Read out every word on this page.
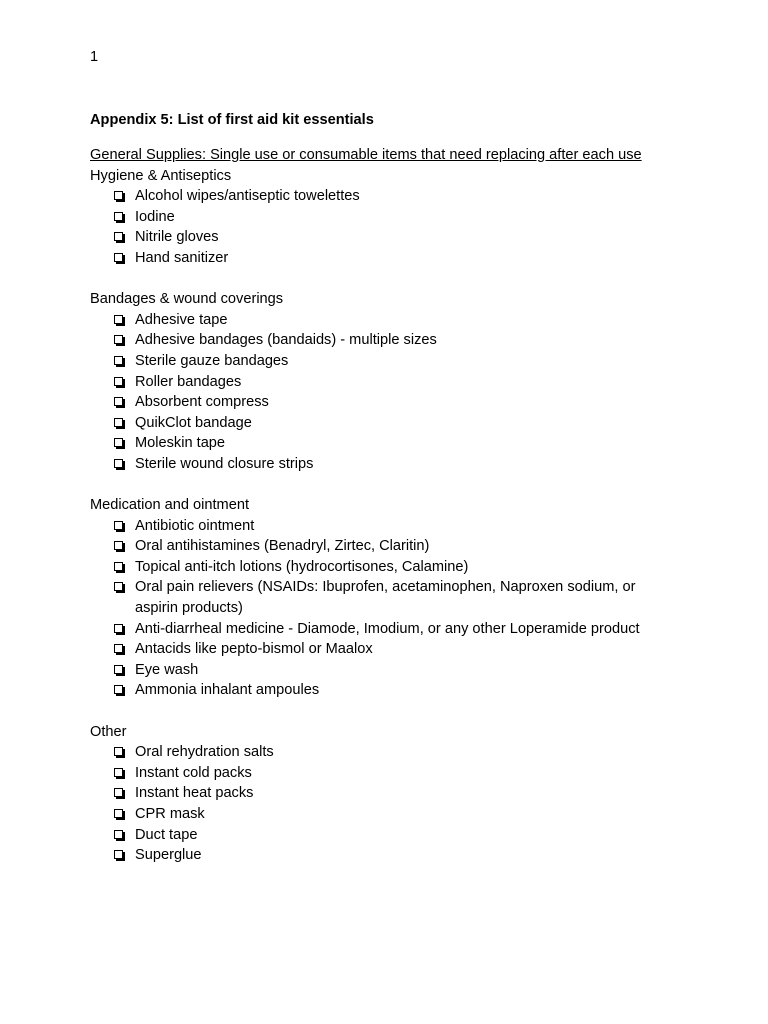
1
Appendix 5: List of first aid kit essentials
General Supplies: Single use or consumable items that need replacing after each use
Hygiene & Antiseptics
Alcohol wipes/antiseptic towelettes
Iodine
Nitrile gloves
Hand sanitizer
Bandages & wound coverings
Adhesive tape
Adhesive bandages (bandaids) - multiple sizes
Sterile gauze bandages
Roller bandages
Absorbent compress
QuikClot bandage
Moleskin tape
Sterile wound closure strips
Medication and ointment
Antibiotic ointment
Oral antihistamines (Benadryl, Zirtec, Claritin)
Topical anti-itch lotions (hydrocortisones, Calamine)
Oral pain relievers (NSAIDs: Ibuprofen, acetaminophen, Naproxen sodium, or aspirin products)
Anti-diarrheal medicine - Diamode, Imodium, or any other Loperamide product
Antacids like pepto-bismol or Maalox
Eye wash
Ammonia inhalant ampoules
Other
Oral rehydration salts
Instant cold packs
Instant heat packs
CPR mask
Duct tape
Superglue
